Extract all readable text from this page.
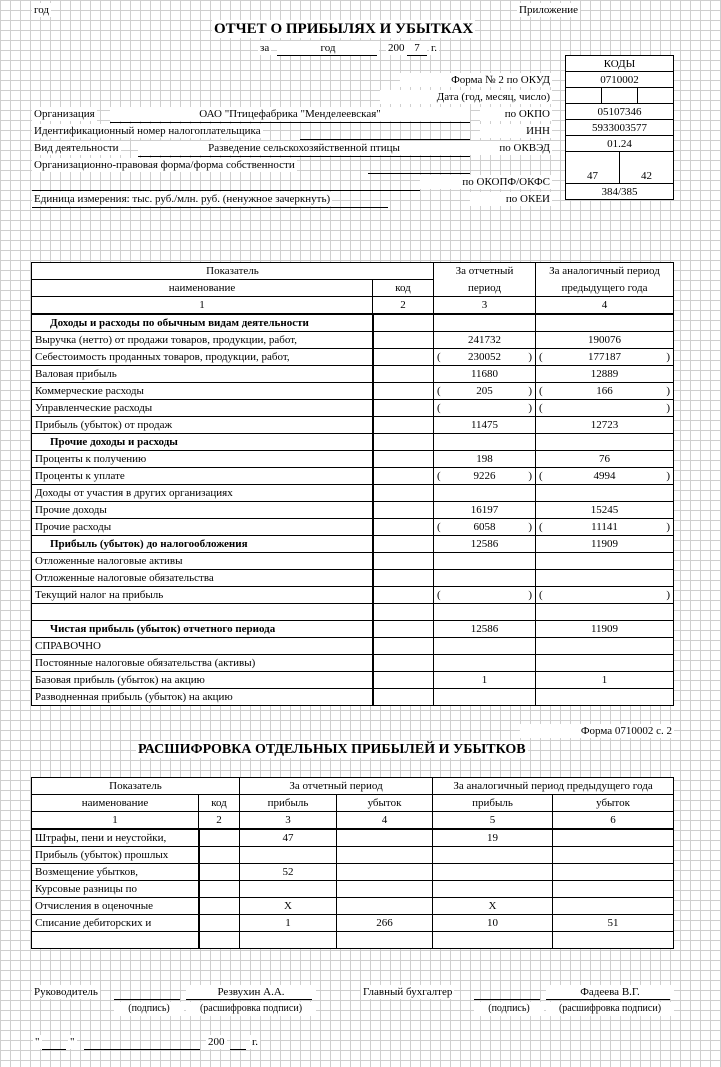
год	Приложение
ОТЧЕТ О ПРИБЫЛЯХ И УБЫТКАХ
за	год	200 7	г.
КОДЫ
0710002

05107346
5933003577
01.24

47	42

384/385
Форма № 2 по ОКУД
Дата (год, месяц, число)
по ОКПО
ИНН
по ОКВЭД
по ОКОПФ/ОКФС
по ОКЕИ
Организация	ОАО "Птицефабрика "Менделеевская"
Идентификационный номер налогоплательщика
Вид деятельности	Разведение сельскохозяйственной птицы
Организационно-правовая форма/форма собственности
Единица измерения: тыс. руб./млн. руб. (ненужное зачеркнуть)
Показатель		За отчетный	За аналогичный период
наименование	код	период	предыдущего года
1	2	3	4
Доходы и расходы по обычным видам деятельности			
Выручка (нетто) от продажи товаров, продукции, работ,		241732	190076
Себестоимость проданных товаров, продукции, работ,		( 230052 )	( 177187 )

Валовая прибыль		11680	12889
Коммерческие расходы		( 205 )	( 166 )

Управленческие расходы		( )	( )

Прибыль (убыток) от продаж		11475	12723
Прочие доходы и расходы			
Проценты к получению		198	76
Проценты к уплате		( 9226 )	( 4994 )

Доходы от участия в других организациях			
Прочие доходы		16197	15245
Прочие расходы		( 6058 )	( 11141 )

Прибыль (убыток) до налогообложения		12586	11909
Отложенные налоговые активы			
Отложенные налоговые обязательства			
Текущий налог на прибыль		( )	( )

Чистая прибыль (убыток) отчетного периода		12586	11909
СПРАВОЧНО			
Постоянные налоговые обязательства (активы)			
Базовая прибыль (убыток) на акцию		1	1
Разводненная прибыль (убыток) на акцию			
Форма 0710002 с. 2
РАСШИФРОВКА ОТДЕЛЬНЫХ ПРИБЫЛЕЙ И УБЫТКОВ
Показатель		За отчетный период		За аналогичный период предыдущего года	
наименование	код	прибыль	убыток	прибыль	убыток
1	2	3	4	5	6
Штрафы, пени и неустойки,		47		19	
Прибыль (убыток) прошлых					
Возмещение убытков,		52			
Курсовые разницы по					
Отчисления в оценочные		Х		Х	
Списание дебиторских и		1	266	10	51

Руководитель	Резвухин А.А.
(подпись)	(расшифровка подписи)
Главный бухгалтер	Фадеева В.Г.
(подпись)	(расшифровка подписи)
"	"	200	г.
